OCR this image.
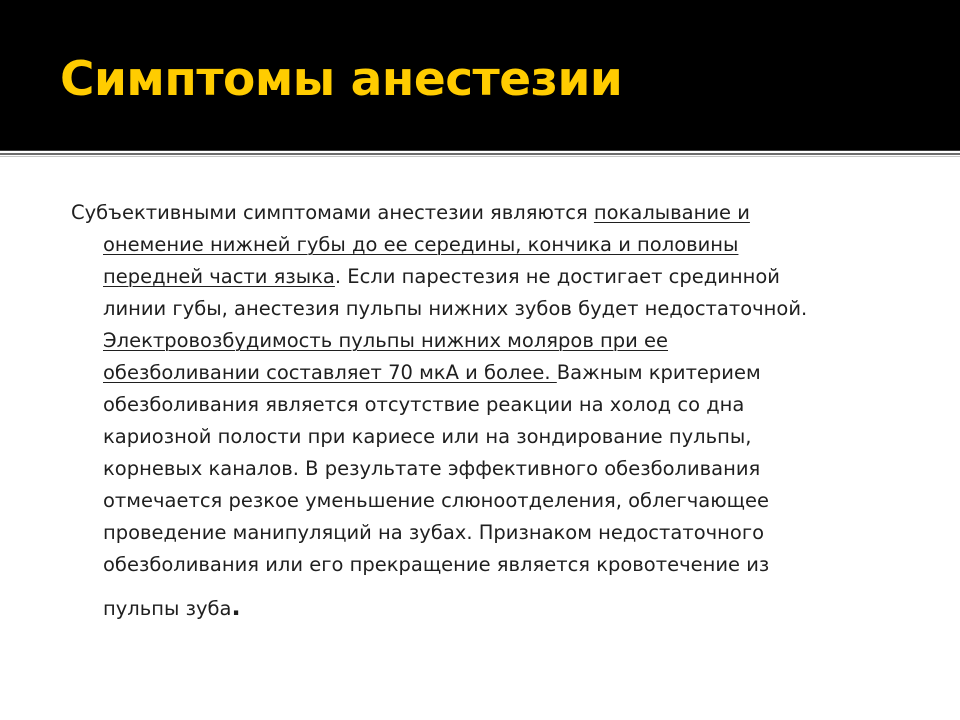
Симптомы анестезии
Субъективными симптомами анестезии являются покалывание и
онемение нижней губы до ее середины, кончика и половины
передней части языка. Если парестезия не достигает срединной
линии губы, анестезия пульпы нижних зубов будет недостаточной.
Электровозбудимость пульпы нижних моляров при ее
обезболивании составляет 70 мкА и более. Важным критерием
обезболивания является отсутствие реакции на холод со дна
кариозной полости при кариесе или на зондирование пульпы,
корневых каналов. В результате эффективного обезболивания
отмечается резкое уменьшение слюноотделения, облегчающее
проведение манипуляций на зубах. Признаком недостаточного
обезболивания или его прекращение является кровотечение из
пульпы зуба.
